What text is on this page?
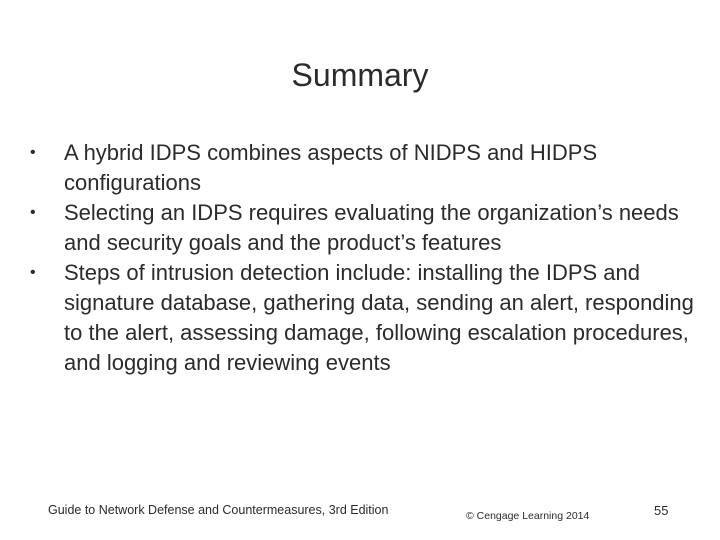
Summary
•	A hybrid IDPS combines aspects of NIDPS and HIDPS configurations
•	Selecting an IDPS requires evaluating the organization’s needs and security goals and the product’s features
•	Steps of intrusion detection include: installing the IDPS and signature database, gathering data, sending an alert, responding to the alert, assessing damage, following escalation procedures, and logging and reviewing events
Guide to Network Defense and Countermeasures, 3rd Edition	© Cengage Learning 2014	55
